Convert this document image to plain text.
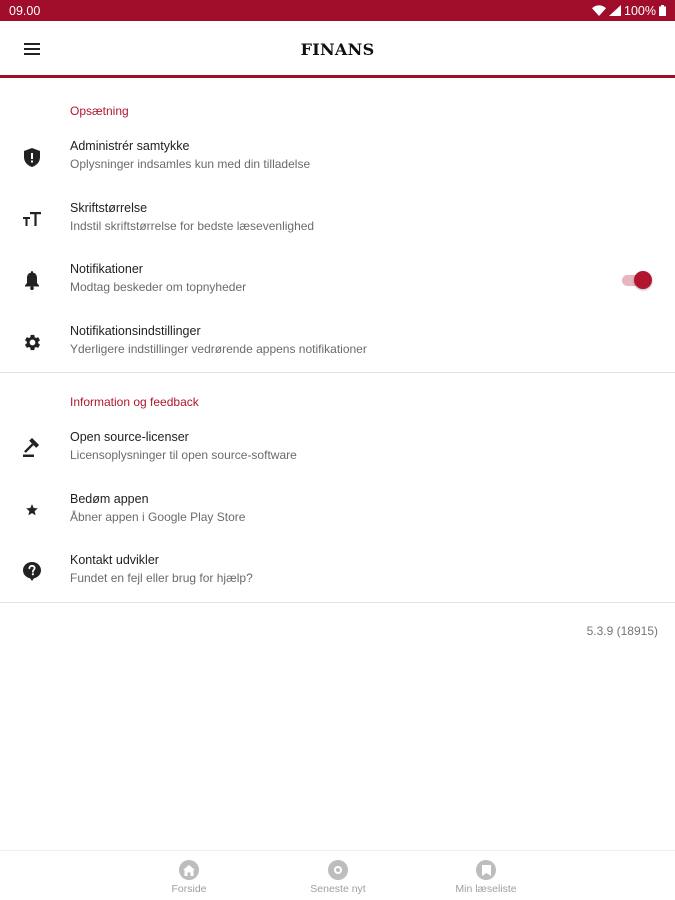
09.00	100%
FINANS
Opsætning
Administrér samtykke
Oplysninger indsamles kun med din tilladelse
Skriftstørrelse
Indstil skriftstørrelse for bedste læsevenlighed
Notifikationer
Modtag beskeder om topnyheder
Notifikationsindstillinger
Yderligere indstillinger vedrørende appens notifikationer
Information og feedback
Open source-licenser
Licensoplysninger til open source-software
Bedøm appen
Åbner appen i Google Play Store
Kontakt udvikler
Fundet en fejl eller brug for hjælp?
5.3.9 (18915)
Forside	Seneste nyt	Min læseliste
